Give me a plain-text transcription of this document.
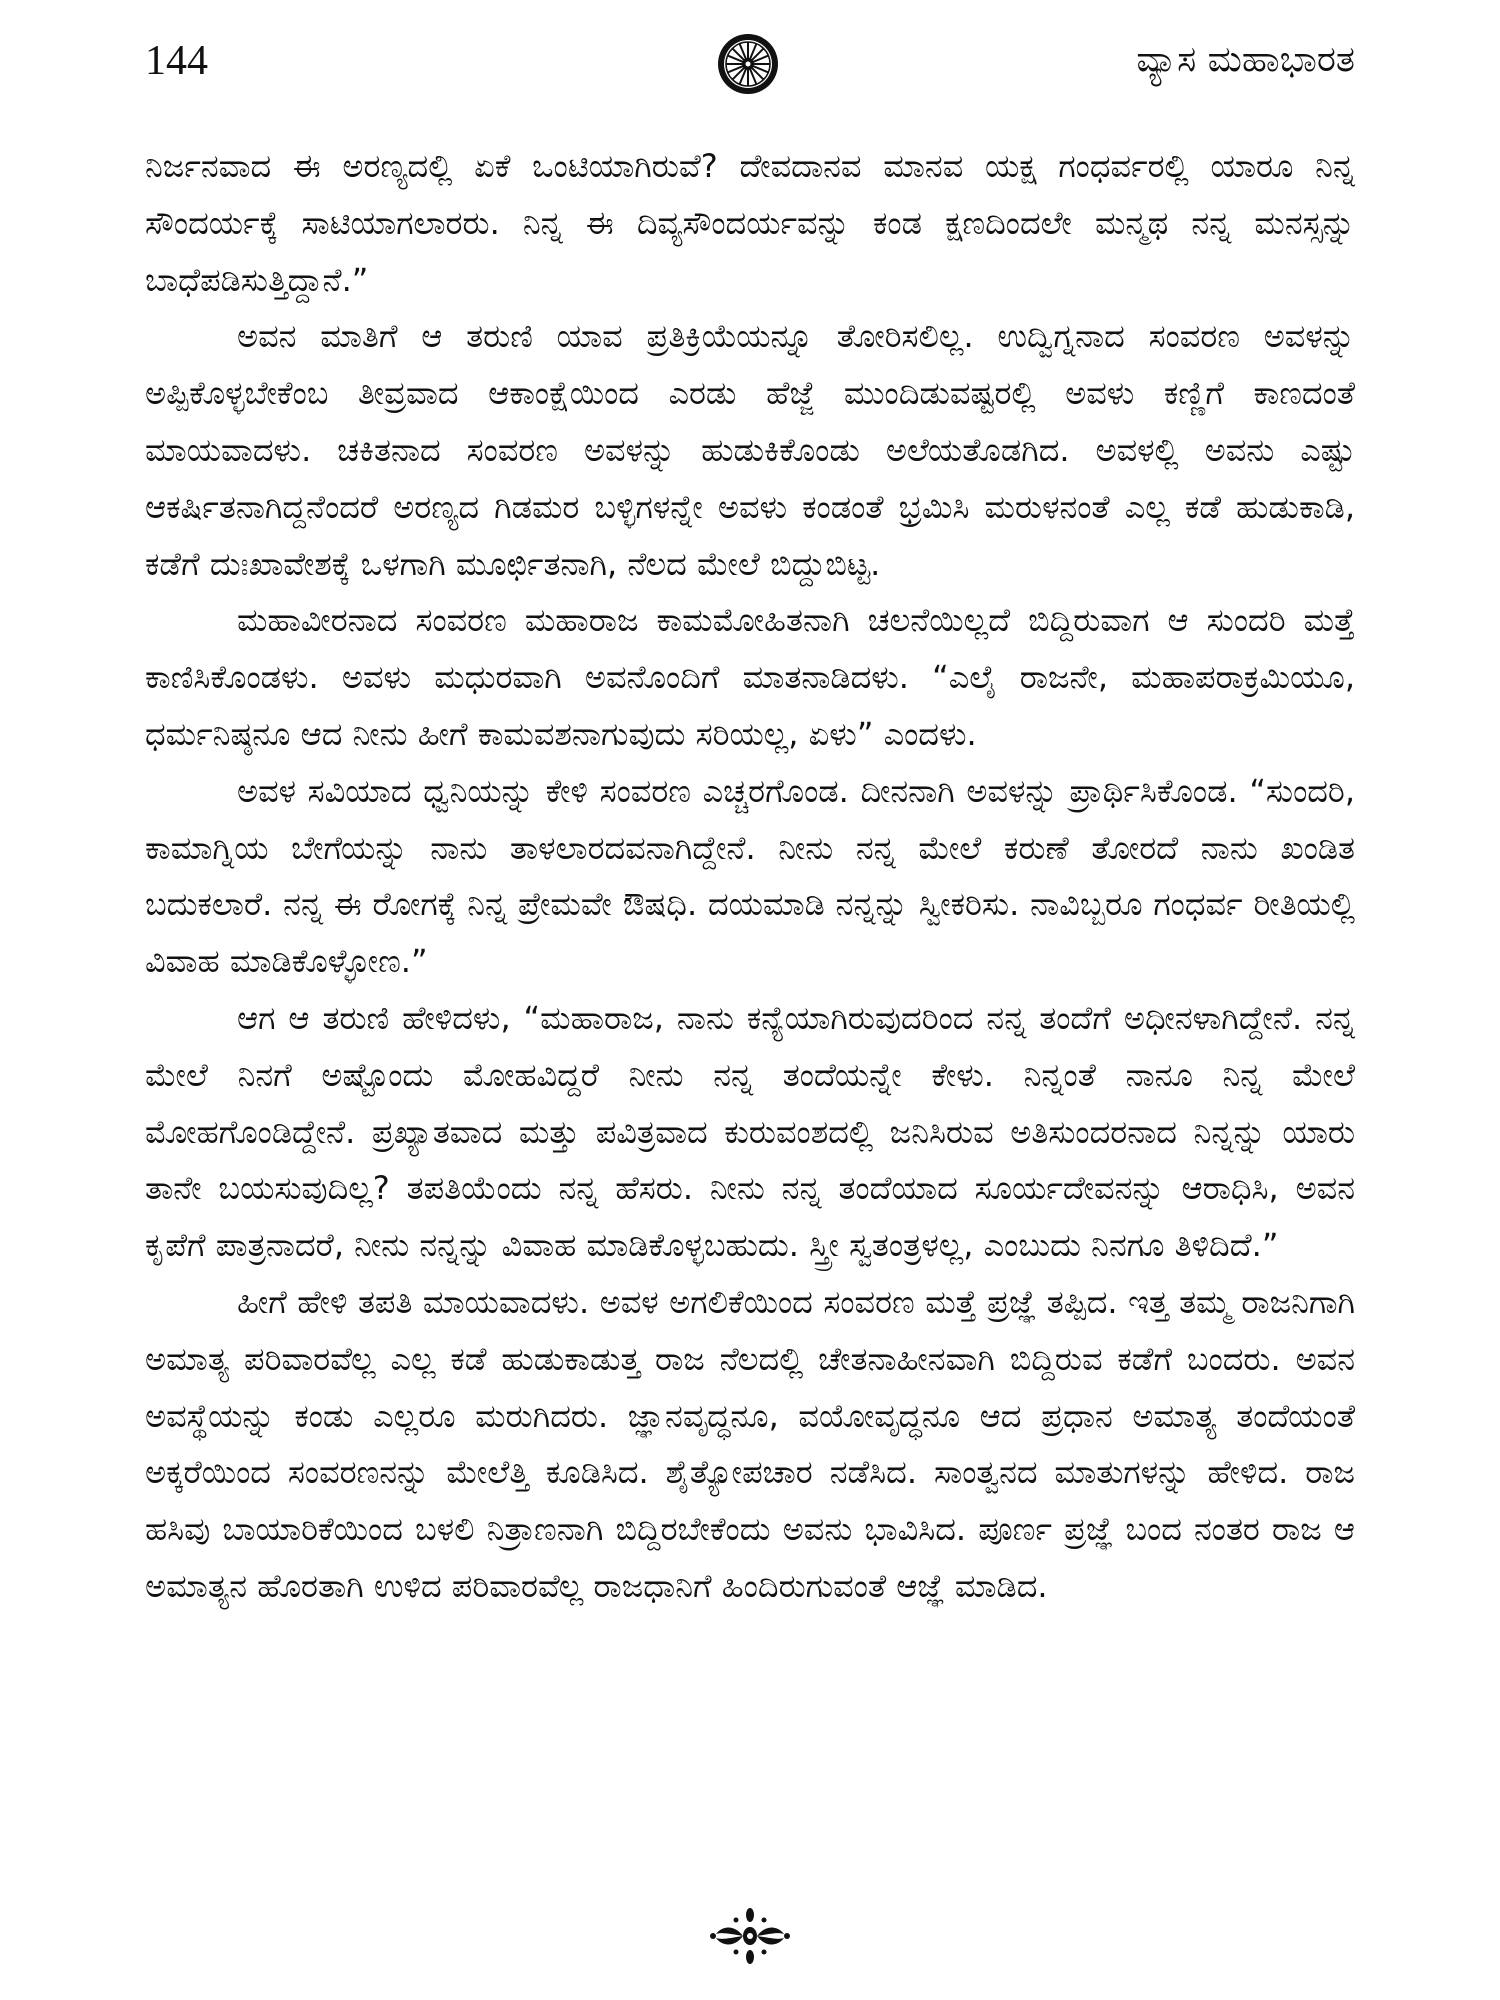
144	ವ್ಯಾಸ ಮಹಾಭಾರತ

ನಿರ್ಜನವಾದ ಈ ಅರಣ್ಯದಲ್ಲಿ ಏಕೆ ಒಂಟಿಯಾಗಿರುವೆ? ದೇವದಾನವ ಮಾನವ ಯಕ್ಷ ಗಂಧರ್ವರಲ್ಲಿ ಯಾರೂ ನಿನ್ನ ಸೌಂದರ್ಯಕ್ಕೆ ಸಾಟಿಯಾಗಲಾರರು. ನಿನ್ನ ಈ ದಿವ್ಯಸೌಂದರ್ಯವನ್ನು ಕಂಡ ಕ್ಷಣದಿಂದಲೇ ಮನ್ಮಥ ನನ್ನ ಮನಸ್ಸನ್ನು ಬಾಧೆಪಡಿಸುತ್ತಿದ್ದಾನೆ.”

ಅವನ ಮಾತಿಗೆ ಆ ತರುಣಿ ಯಾವ ಪ್ರತಿಕ್ರಿಯೆಯನ್ನೂ ತೋರಿಸಲಿಲ್ಲ. ಉದ್ವಿಗ್ನನಾದ ಸಂವರಣ ಅವಳನ್ನು ಅಪ್ಪಿಕೊಳ್ಳಬೇಕೆಂಬ ತೀವ್ರವಾದ ಆಕಾಂಕ್ಷೆಯಿಂದ ಎರಡು ಹೆಜ್ಜೆ ಮುಂದಿಡುವಷ್ಟರಲ್ಲಿ ಅವಳು ಕಣ್ಣಿಗೆ ಕಾಣದಂತೆ ಮಾಯವಾದಳು. ಚಕಿತನಾದ ಸಂವರಣ ಅವಳನ್ನು ಹುಡುಕಿಕೊಂಡು ಅಲೆಯತೊಡಗಿದ. ಅವಳಲ್ಲಿ ಅವನು ಎಷ್ಟು ಆಕರ್ಷಿತನಾಗಿದ್ದನೆಂದರೆ ಅರಣ್ಯದ ಗಿಡಮರ ಬಳ್ಳಿಗಳನ್ನೇ ಅವಳು ಕಂಡಂತೆ ಭ್ರಮಿಸಿ ಮರುಳನಂತೆ ಎಲ್ಲ ಕಡೆ ಹುಡುಕಾಡಿ, ಕಡೆಗೆ ದುಃಖಾವೇಶಕ್ಕೆ ಒಳಗಾಗಿ ಮೂರ್ಛಿತನಾಗಿ, ನೆಲದ ಮೇಲೆ ಬಿದ್ದುಬಿಟ್ಟ.

ಮಹಾವೀರನಾದ ಸಂವರಣ ಮಹಾರಾಜ ಕಾಮಮೋಹಿತನಾಗಿ ಚಲನೆಯಿಲ್ಲದೆ ಬಿದ್ದಿರುವಾಗ ಆ ಸುಂದರಿ ಮತ್ತೆ ಕಾಣಿಸಿಕೊಂಡಳು. ಅವಳು ಮಧುರವಾಗಿ ಅವನೊಂದಿಗೆ ಮಾತನಾಡಿದಳು. “ಎಲೈ ರಾಜನೇ, ಮಹಾಪರಾಕ್ರಮಿಯೂ, ಧರ್ಮನಿಷ್ಠನೂ ಆದ ನೀನು ಹೀಗೆ ಕಾಮವಶನಾಗುವುದು ಸರಿಯಲ್ಲ, ಏಳು” ಎಂದಳು.

ಅವಳ ಸವಿಯಾದ ಧ್ವನಿಯನ್ನು ಕೇಳಿ ಸಂವರಣ ಎಚ್ಚರಗೊಂಡ. ದೀನನಾಗಿ ಅವಳನ್ನು ಪ್ರಾರ್ಥಿಸಿಕೊಂಡ. “ಸುಂದರಿ, ಕಾಮಾಗ್ನಿಯ ಬೇಗೆಯನ್ನು ನಾನು ತಾಳಲಾರದವನಾಗಿದ್ದೇನೆ. ನೀನು ನನ್ನ ಮೇಲೆ ಕರುಣೆ ತೋರದೆ ನಾನು ಖಂಡಿತ ಬದುಕಲಾರೆ. ನನ್ನ ಈ ರೋಗಕ್ಕೆ ನಿನ್ನ ಪ್ರೇಮವೇ ಔಷಧಿ. ದಯಮಾಡಿ ನನ್ನನ್ನು ಸ್ವೀಕರಿಸು. ನಾವಿಬ್ಬರೂ ಗಂಧರ್ವ ರೀತಿಯಲ್ಲಿ ವಿವಾಹ ಮಾಡಿಕೊಳ್ಳೋಣ.”

ಆಗ ಆ ತರುಣಿ ಹೇಳಿದಳು, “ಮಹಾರಾಜ, ನಾನು ಕನ್ಯೆಯಾಗಿರುವುದರಿಂದ ನನ್ನ ತಂದೆಗೆ ಅಧೀನಳಾಗಿದ್ದೇನೆ. ನನ್ನ ಮೇಲೆ ನಿನಗೆ ಅಷ್ಟೊಂದು ಮೋಹವಿದ್ದರೆ ನೀನು ನನ್ನ ತಂದೆಯನ್ನೇ ಕೇಳು. ನಿನ್ನಂತೆ ನಾನೂ ನಿನ್ನ ಮೇಲೆ ಮೋಹಗೊಂಡಿದ್ದೇನೆ. ಪ್ರಖ್ಯಾತವಾದ ಮತ್ತು ಪವಿತ್ರವಾದ ಕುರುವಂಶದಲ್ಲಿ ಜನಿಸಿರುವ ಅತಿಸುಂದರನಾದ ನಿನ್ನನ್ನು ಯಾರು ತಾನೇ ಬಯಸುವುದಿಲ್ಲ? ತಪತಿಯೆಂದು ನನ್ನ ಹೆಸರು. ನೀನು ನನ್ನ ತಂದೆಯಾದ ಸೂರ್ಯದೇವನನ್ನು ಆರಾಧಿಸಿ, ಅವನ ಕೃಪೆಗೆ ಪಾತ್ರನಾದರೆ, ನೀನು ನನ್ನನ್ನು ವಿವಾಹ ಮಾಡಿಕೊಳ್ಳಬಹುದು. ಸ್ತ್ರೀ ಸ್ವತಂತ್ರಳಲ್ಲ, ಎಂಬುದು ನಿನಗೂ ತಿಳಿದಿದೆ.”

ಹೀಗೆ ಹೇಳಿ ತಪತಿ ಮಾಯವಾದಳು. ಅವಳ ಅಗಲಿಕೆಯಿಂದ ಸಂವರಣ ಮತ್ತೆ ಪ್ರಜ್ಞೆ ತಪ್ಪಿದ. ಇತ್ತ ತಮ್ಮ ರಾಜನಿಗಾಗಿ ಅಮಾತ್ಯ ಪರಿವಾರವೆಲ್ಲ ಎಲ್ಲ ಕಡೆ ಹುಡುಕಾಡುತ್ತ ರಾಜ ನೆಲದಲ್ಲಿ ಚೇತನಾಹೀನವಾಗಿ ಬಿದ್ದಿರುವ ಕಡೆಗೆ ಬಂದರು. ಅವನ ಅವಸ್ಥೆಯನ್ನು ಕಂಡು ಎಲ್ಲರೂ ಮರುಗಿದರು. ಜ್ಞಾನವೃದ್ಧನೂ, ವಯೋವೃದ್ಧನೂ ಆದ ಪ್ರಧಾನ ಅಮಾತ್ಯ ತಂದೆಯಂತೆ ಅಕ್ಕರೆಯಿಂದ ಸಂವರಣನನ್ನು ಮೇಲೆತ್ತಿ ಕೂಡಿಸಿದ. ಶೈತ್ಯೋಪಚಾರ ನಡೆಸಿದ. ಸಾಂತ್ವನದ ಮಾತುಗಳನ್ನು ಹೇಳಿದ. ರಾಜ ಹಸಿವು ಬಾಯಾರಿಕೆಯಿಂದ ಬಳಲಿ ನಿತ್ರಾಣನಾಗಿ ಬಿದ್ದಿರಬೇಕೆಂದು ಅವನು ಭಾವಿಸಿದ. ಪೂರ್ಣ ಪ್ರಜ್ಞೆ ಬಂದ ನಂತರ ರಾಜ ಆ ಅಮಾತ್ಯನ ಹೊರತಾಗಿ ಉಳಿದ ಪರಿವಾರವೆಲ್ಲ ರಾಜಧಾನಿಗೆ ಹಿಂದಿರುಗುವಂತೆ ಆಜ್ಞೆ ಮಾಡಿದ.
